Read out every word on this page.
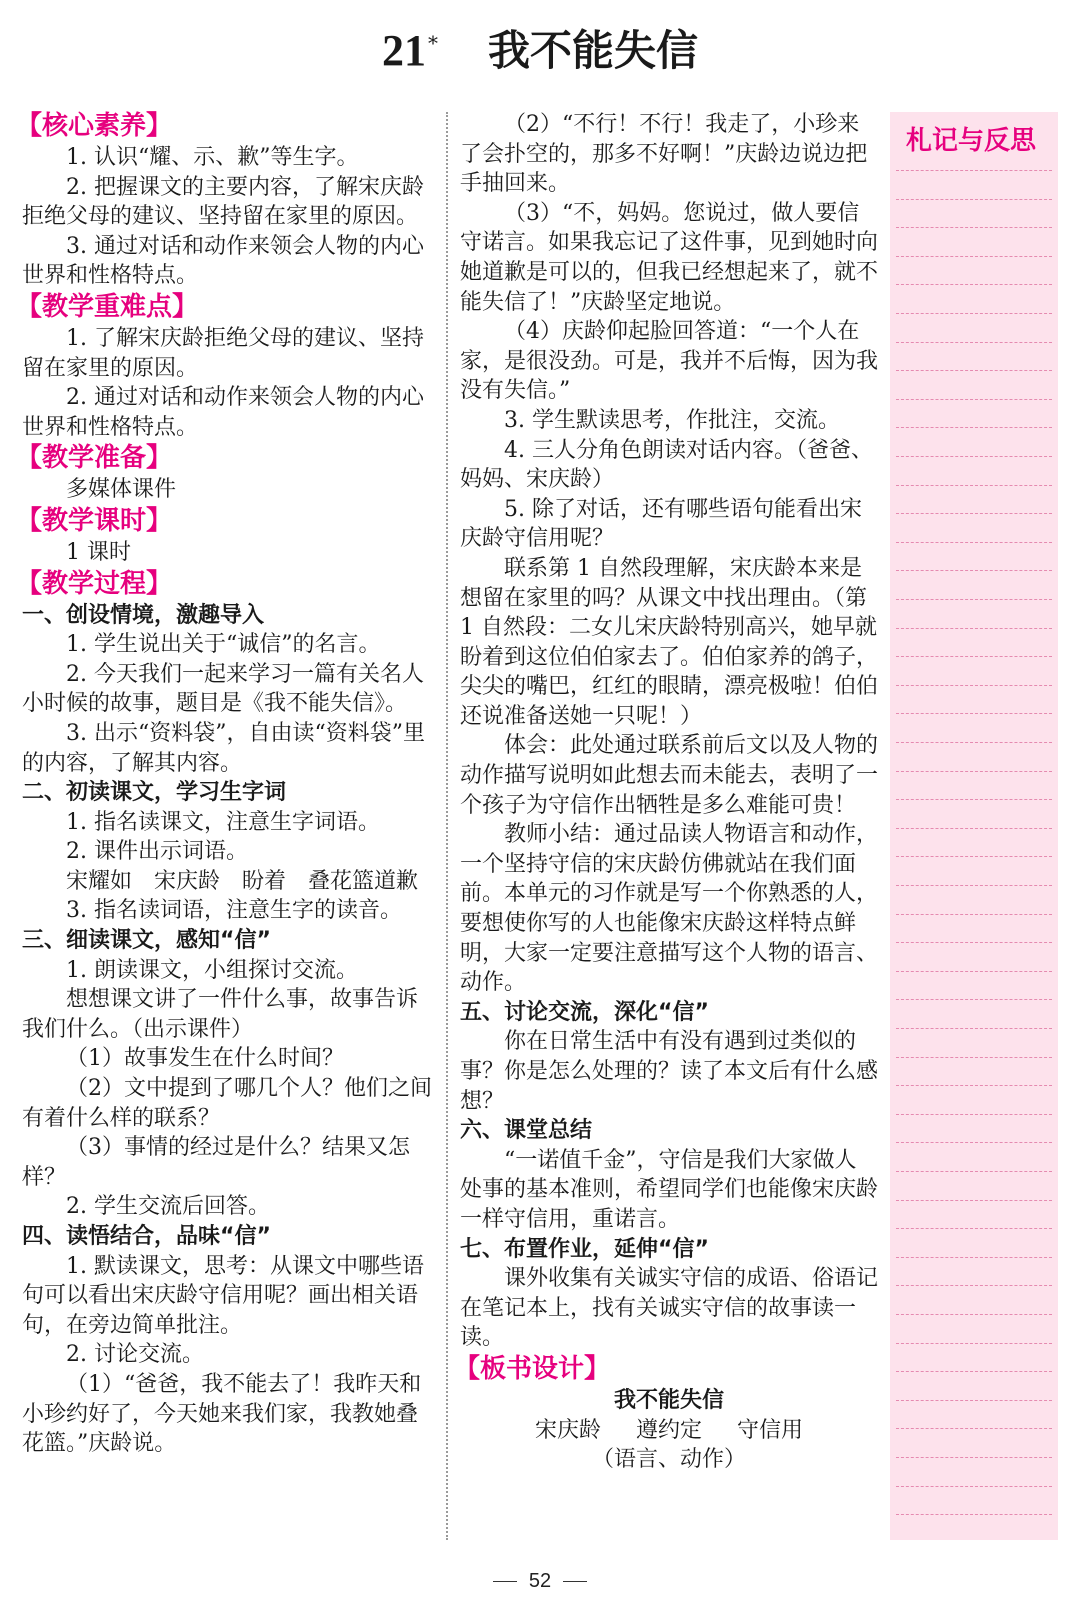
21 * 我不能失信
【核心素养】
1. 认识“耀、示、歉”等生字。
2. 把握课文的主要内容，了解宋庆龄拒绝父母的建议、坚持留在家里的原因。
3. 通过对话和动作来领会人物的内心世界和性格特点。
【教学重难点】
1. 了解宋庆龄拒绝父母的建议、坚持留在家里的原因。
2. 通过对话和动作来领会人物的内心世界和性格特点。
【教学准备】
多媒体课件
【教学课时】
1 课时
【教学过程】
一、创设情境，激趣导入
1. 学生说出关于“诚信”的名言。
2. 今天我们一起来学习一篇有关名人小时候的故事，题目是《我不能失信》。
3. 出示“资料袋”，自由读“资料袋”里的内容，了解其内容。
二、初读课文，学习生字词
1. 指名读课文，注意生字词语。
2. 课件出示词语。
宋耀如　宋庆龄　盼着　叠花篮道歉
3. 指名读词语，注意生字的读音。
三、细读课文，感知“信”
1. 朗读课文，小组探讨交流。
想想课文讲了一件什么事，故事告诉我们什么。（出示课件）
（1）故事发生在什么时间？
（2）文中提到了哪几个人？他们之间有着什么样的联系？
（3）事情的经过是什么？结果又怎样？
2. 学生交流后回答。
四、读悟结合，品味“信”
1. 默读课文，思考：从课文中哪些语句可以看出宋庆龄守信用呢？画出相关语句，在旁边简单批注。
2. 讨论交流。
（1）“爸爸，我不能去了！我昨天和小珍约好了，今天她来我们家，我教她叠花篮。”庆龄说。
（2）“不行！不行！我走了，小珍来了会扑空的，那多不好啊！”庆龄边说边把手抽回来。
（3）“不，妈妈。您说过，做人要信守诺言。如果我忘记了这件事，见到她时向她道歉是可以的，但我已经想起来了，就不能失信了！”庆龄坚定地说。
（4）庆龄仰起脸回答道：“一个人在家，是很没劲。可是，我并不后悔，因为我没有失信。”
3. 学生默读思考，作批注，交流。
4. 三人分角色朗读对话内容。（爸爸、妈妈、宋庆龄）
5. 除了对话，还有哪些语句能看出宋庆龄守信用呢？
联系第 1 自然段理解，宋庆龄本来是想留在家里的吗？从课文中找出理由。（第 1 自然段：二女儿宋庆龄特别高兴，她早就盼着到这位伯伯家去了。伯伯家养的鸽子，尖尖的嘴巴，红红的眼睛，漂亮极啦！伯伯还说准备送她一只呢！）
体会：此处通过联系前后文以及人物的动作描写说明如此想去而未能去，表明了一个孩子为守信作出牺牲是多么难能可贵！
教师小结：通过品读人物语言和动作，一个坚持守信的宋庆龄仿佛就站在我们面前。本单元的习作就是写一个你熟悉的人，要想使你写的人也能像宋庆龄这样特点鲜明，大家一定要注意描写这个人物的语言、动作。
五、讨论交流，深化“信”
你在日常生活中有没有遇到过类似的事？你是怎么处理的？读了本文后有什么感想？
六、课堂总结
“一诺值千金”，守信是我们大家做人处事的基本准则，希望同学们也能像宋庆龄一样守信用，重诺言。
七、布置作业，延伸“信”
课外收集有关诚实守信的成语、俗语记在笔记本上，找有关诚实守信的故事读一读。
【板书设计】
我不能失信
宋庆龄 遵约定 守信用
（语言、动作）
札记与反思
52
